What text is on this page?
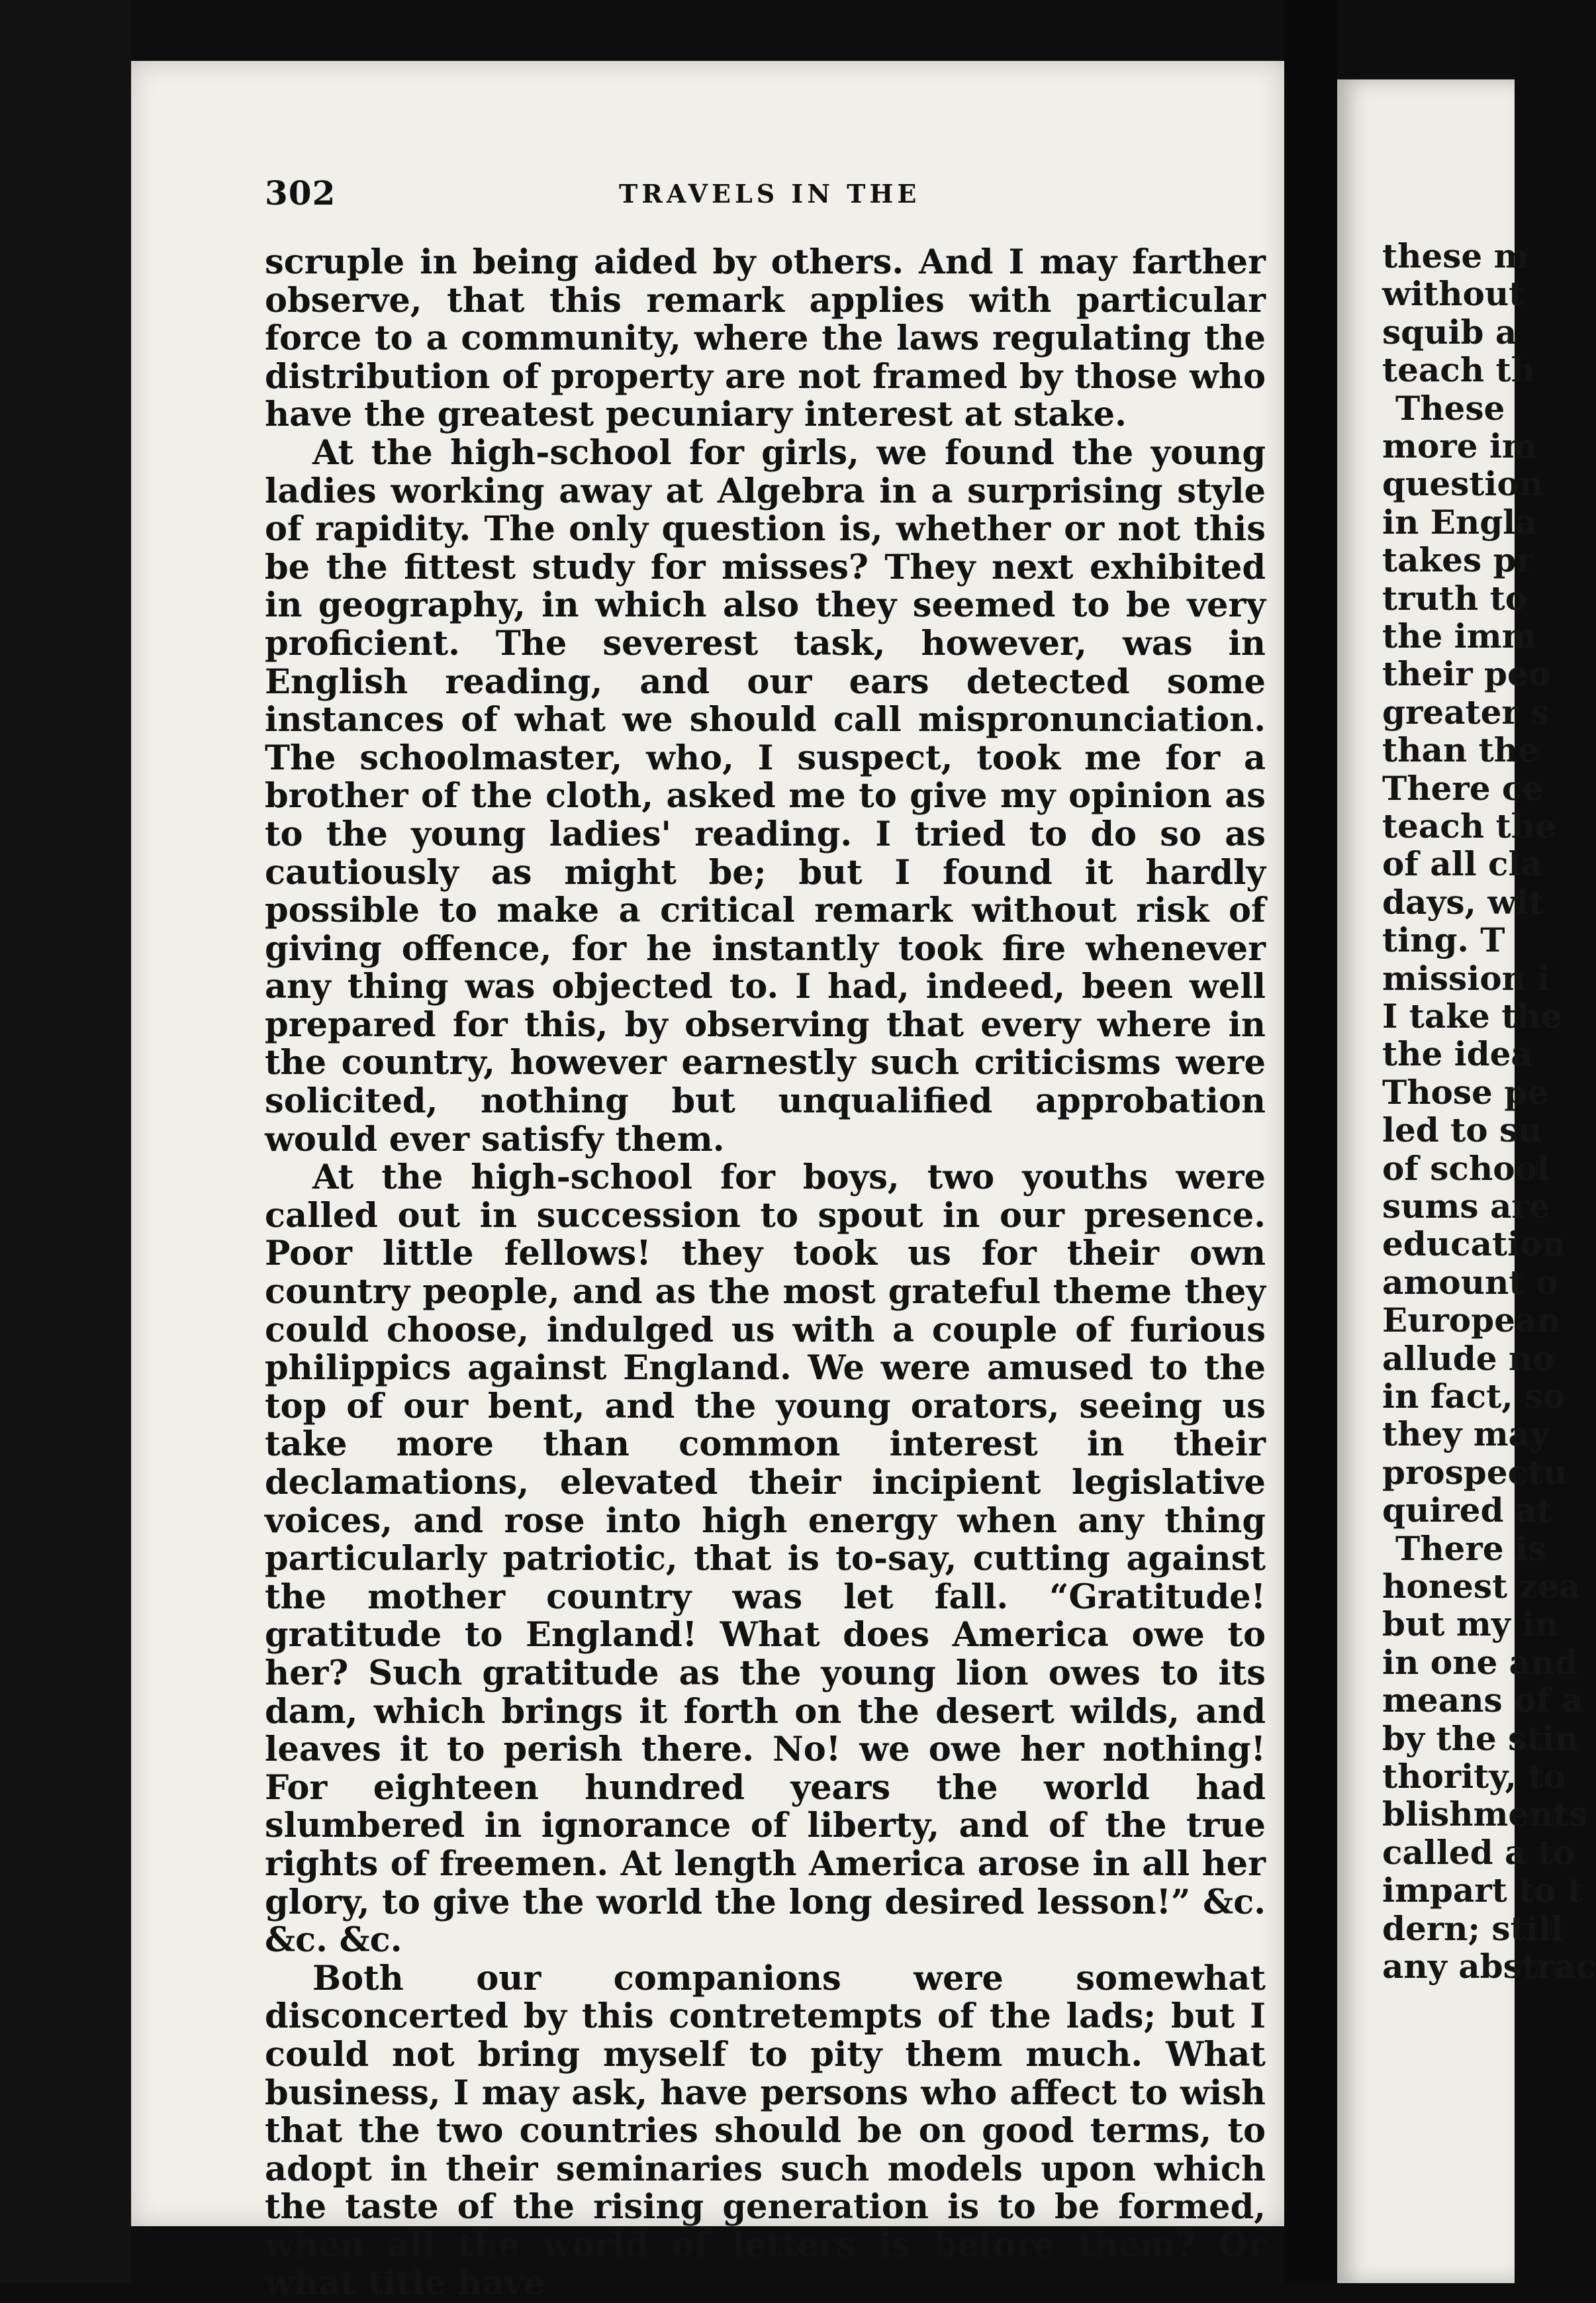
302	TRAVELS IN THE

scruple in being aided by others. And I may farther observe, that this remark applies with particular force to a community, where the laws regulating the distribution of property are not framed by those who have the greatest pecuniary interest at stake.

At the high-school for girls, we found the young ladies working away at Algebra in a surprising style of rapidity. The only question is, whether or not this be the fittest study for misses? They next exhibited in geography, in which also they seemed to be very proficient. The severest task, however, was in English reading, and our ears detected some instances of what we should call mispronunciation. The schoolmaster, who, I suspect, took me for a brother of the cloth, asked me to give my opinion as to the young ladies' reading. I tried to do so as cautiously as might be; but I found it hardly possible to make a critical remark without risk of giving offence, for he instantly took fire whenever any thing was objected to. I had, indeed, been well prepared for this, by observing that every where in the country, however earnestly such criticisms were solicited, nothing but unqualified approbation would ever satisfy them.

At the high-school for boys, two youths were called out in succession to spout in our presence. Poor little fellows! they took us for their own country people, and as the most grateful theme they could choose, indulged us with a couple of furious philippics against England. We were amused to the top of our bent, and the young orators, seeing us take more than common interest in their declamations, elevated their incipient legislative voices, and rose into high energy when any thing particularly patriotic, that is to-say, cutting against the mother country was let fall. “Gratitude! gratitude to England! What does America owe to her? Such gratitude as the young lion owes to its dam, which brings it forth on the desert wilds, and leaves it to perish there. No! we owe her nothing! For eighteen hundred years the world had slumbered in ignorance of liberty, and of the true rights of freemen. At length America arose in all her glory, to give the world the long desired lesson!” &c. &c. &c.

Both our companions were somewhat disconcerted by this contretempts of the lads; but I could not bring myself to pity them much. What business, I may ask, have persons who affect to wish that the two countries should be on good terms, to adopt in their seminaries such models upon which the taste of the rising generation is to be formed, when all the world of letters is before them? Or what title have

these m
without
squib a
teach th
These
more im
question
in Engla
takes pr
truth to
the imm
their peo
greater s
than the
There ce
teach the
of all cla
days, wit
ting. T
mission i
I take the
the idea
Those pe
led to su
of school
sums are
education
amount o
European
allude no
in fact, so
they may
prospectu
quired at
There is
honest zea
but my in
in one and
means of a
by the stin
thority, to
blishments
called a to
impart to t
dern; still
any abstrac
